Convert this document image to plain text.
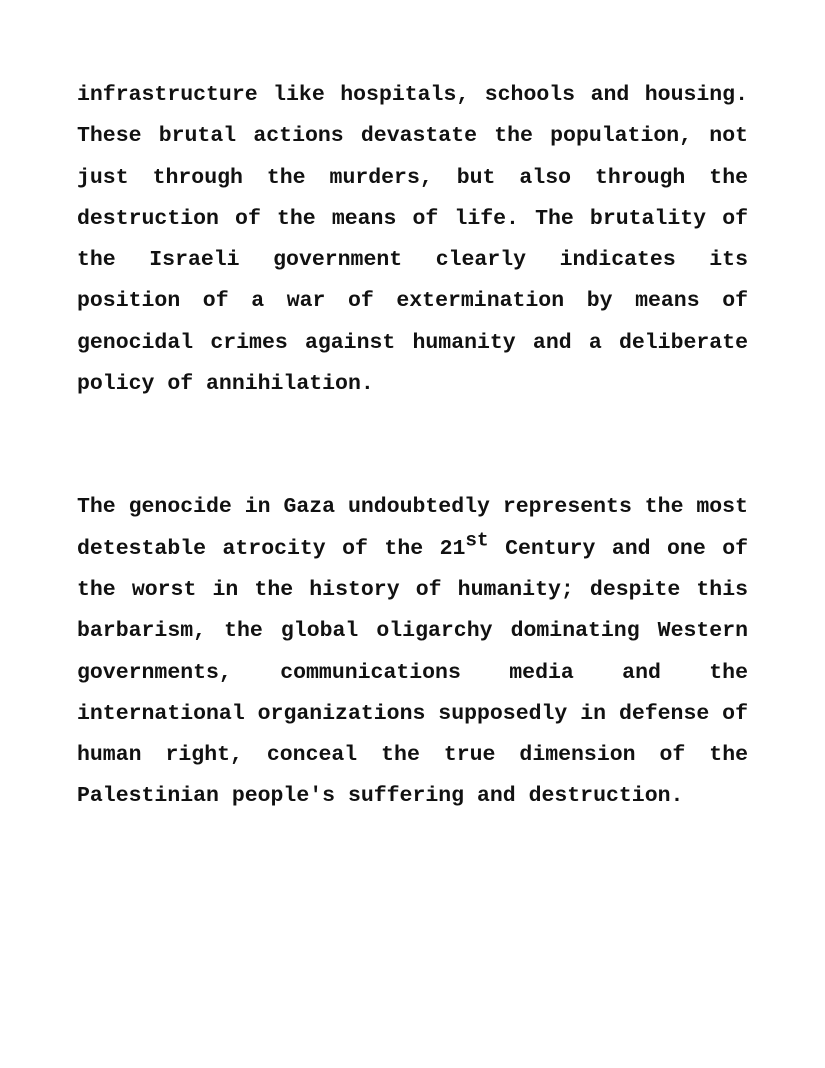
infrastructure like hospitals, schools and housing. These brutal actions devastate the population, not just through the murders, but also through the destruction of the means of life. The brutality of the Israeli government clearly indicates its position of a war of extermination by means of genocidal crimes against humanity and a deliberate policy of annihilation.

The genocide in Gaza undoubtedly represents the most detestable atrocity of the 21st Century and one of the worst in the history of humanity; despite this barbarism, the global oligarchy dominating Western governments, communications media and the international organizations supposedly in defense of human right, conceal the true dimension of the Palestinian people's suffering and destruction.
